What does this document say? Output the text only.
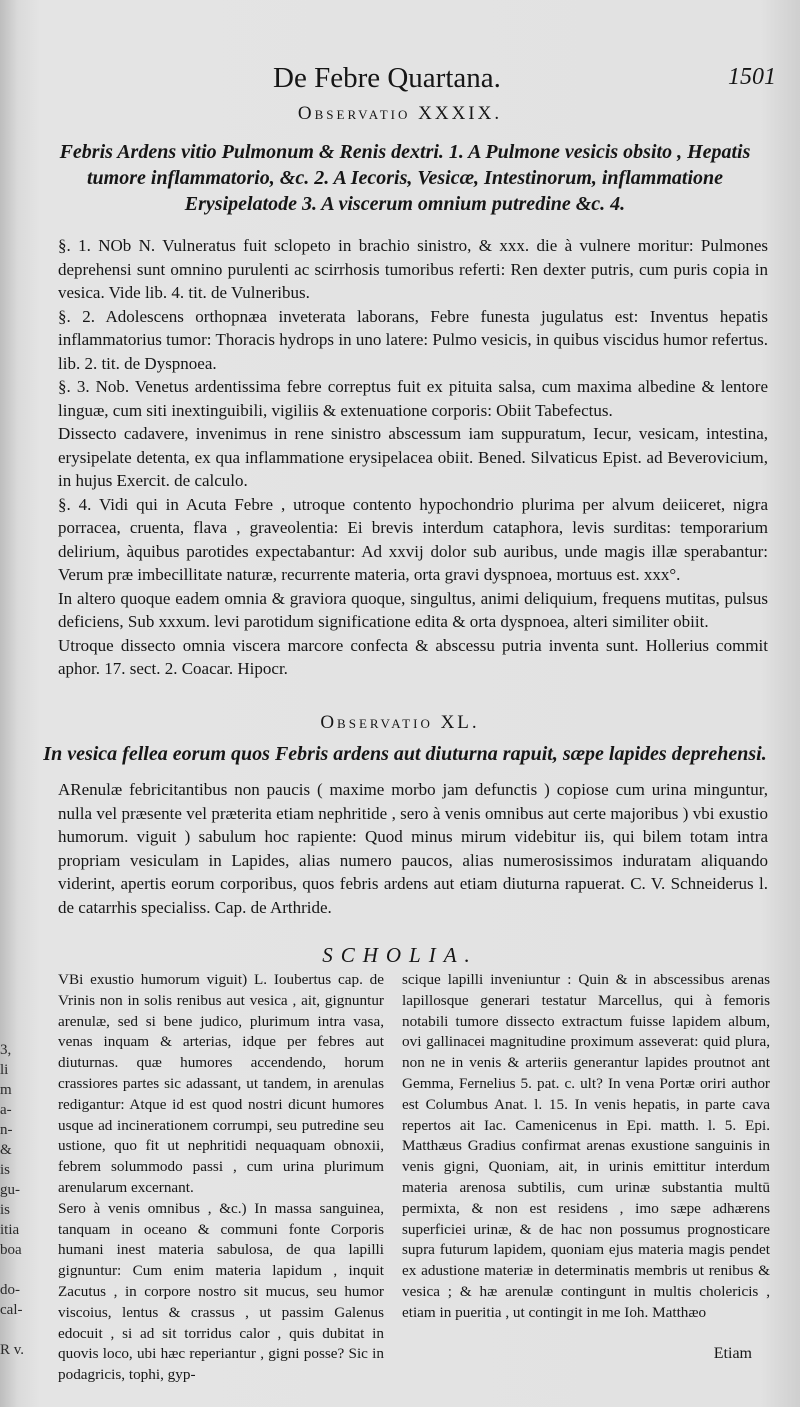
3,
li
m
a-
n-
&
is
gu-
is
itia
boa

do-
cal-

R v.
De Febre Quartana.	1501
Observatio XXXIX.
Febris Ardens vitio Pulmonum & Renis dextri. 1. A Pulmone vesicis obsito , Hepatis tumore inflammatorio, &c. 2. A Iecoris, Vesicæ, Intestinorum, inflammatione Erysipelatode 3. A viscerum omnium putredine &c. 4.

§. 1. NOb N. Vulneratus fuit sclopeto in brachio sinistro, & xxx. die à vulnere moritur: Pulmones deprehensi sunt omnino purulenti ac scirrhosis tumoribus referti: Ren dexter putris, cum puris copia in vesica. Vide lib. 4. tit. de Vulneribus.

§. 2. Adolescens orthopnæa inveterata laborans, Febre funesta jugulatus est: Inventus hepatis inflammatorius tumor: Thoracis hydrops in uno latere: Pulmo vesicis, in quibus viscidus humor refertus. lib. 2. tit. de Dyspnoea.

§. 3. Nob. Venetus ardentissima febre correptus fuit ex pituita salsa, cum maxima albedine & lentore linguæ, cum siti inextinguibili, vigiliis & extenuatione corporis: Obiit Tabefectus.

Dissecto cadavere, invenimus in rene sinistro abscessum iam suppuratum, Iecur, vesicam, intestina, erysipelate detenta, ex qua inflammatione erysipelacea obiit. Bened. Silvaticus Epist. ad Beverovicium, in hujus Exercit. de calculo.

§. 4. Vidi qui in Acuta Febre , utroque contento hypochondrio plurima per alvum deiiceret, nigra porracea, cruenta, flava , graveolentia: Ei brevis interdum cataphora, levis surditas: temporarium delirium, àquibus parotides expectabantur: Ad xxvij dolor sub auribus, unde magis illæ sperabantur: Verum præ imbecillitate naturæ, recurrente materia, orta gravi dyspnoea, mortuus est. xxx°.

In altero quoque eadem omnia & graviora quoque, singultus, animi deliquium, frequens mutitas, pulsus deficiens, Sub xxxum. levi parotidum significatione edita & orta dyspnoea, alteri similiter obiit.

Utroque dissecto omnia viscera marcore confecta & abscessu putria inventa sunt. Hollerius commit aphor. 17. sect. 2. Coacar. Hipocr.

Observatio XL.
In vesica fellea eorum quos Febris ardens aut diuturna rapuit, sæpe lapides deprehensi.

ARenulæ febricitantibus non paucis ( maxime morbo jam defunctis ) copiose cum urina minguntur, nulla vel præsente vel præterita etiam nephritide , sero à venis omnibus aut certe majoribus ) vbi exustio humorum. viguit ) sabulum hoc rapiente: Quod minus mirum videbitur iis, qui bilem totam intra propriam vesiculam in Lapides, alias numero paucos, alias numerosissimos induratam aliquando viderint, apertis eorum corporibus, quos febris ardens aut etiam diuturna rapuerat. C. V. Schneiderus l. de catarrhis specialiss. Cap. de Arthride.

SCHOLIA.

VBi exustio humorum viguit) L. Ioubertus cap. de Vrinis non in solis renibus aut vesica , ait, gignuntur arenulæ, sed si bene judico, plurimum intra vasa, venas inquam & arterias, idque per febres aut diuturnas. quæ humores accendendo, horum crassiores partes sic adassant, ut tandem, in arenulas redigantur: Atque id est quod nostri dicunt humores usque ad incinerationem corrumpi, seu putredine seu ustione, quo fit ut nephritidi nequaquam obnoxii, febrem solummodo passi , cum urina plurimum arenularum excernant.

Sero à venis omnibus , &c.) In massa sanguinea, tanquam in oceano & communi fonte Corporis humani inest materia sabulosa, de qua lapilli gignuntur: Cum enim materia lapidum , inquit Zacutus , in corpore nostro sit mucus, seu humor viscoius, lentus & crassus , ut passim Galenus edocuit , si ad sit torridus calor , quis dubitat in quovis loco, ubi hæc reperiantur , gigni posse? Sic in podagricis, tophi, gyp-

scique lapilli inveniuntur : Quin & in abscessibus arenas lapillosque generari testatur Marcellus, qui à femoris notabili tumore dissecto extractum fuisse lapidem album, ovi gallinacei magnitudine proximum asseverat: quid plura, non ne in venis & arteriis generantur lapides proutnot ant Gemma, Fernelius 5. pat. c. ult? In vena Portæ oriri author est Columbus Anat. l. 15. In venis hepatis, in parte cava repertos ait Iac. Camenicenus in Epi. matth. l. 5. Epi. Matthæus Gradius confirmat arenas exustione sanguinis in venis gigni, Quoniam, ait, in urinis emittitur interdum materia arenosa subtilis, cum urinæ substantia multū permixta, & non est residens , imo sæpe adhærens superficiei urinæ, & de hac non possumus prognosticare supra futurum lapidem, quoniam ejus materia magis pendet ex adustione materiæ in determinatis membris ut renibus & vesica ; & hæ arenulæ contingunt in multis cholericis , etiam in pueritia , ut contingit in me Ioh. Matthæo

Etiam
